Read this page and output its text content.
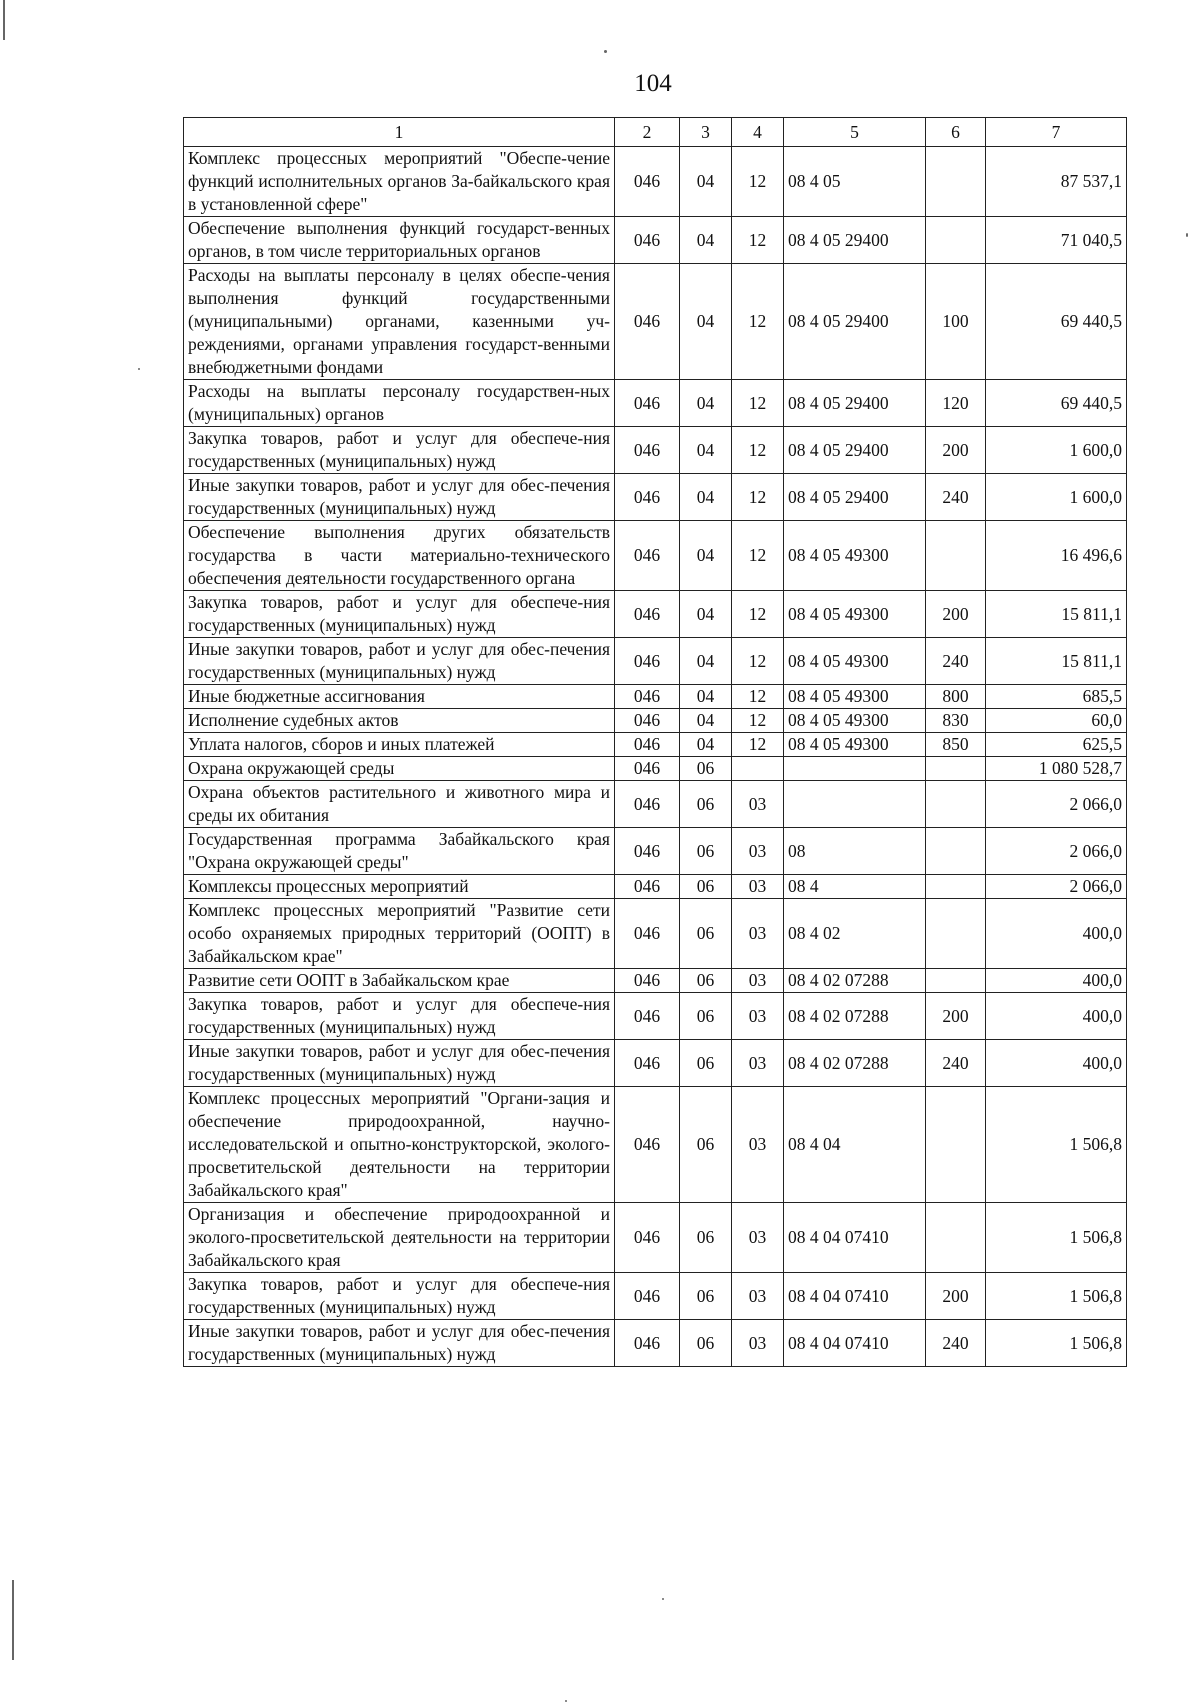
104
1	2	3	4	5	6	7
Комплекс процессных мероприятий "Обеспе-чение функций исполнительных органов За-байкальского края в установленной сфере"	046	04	12	08 4 05		87 537,1
Обеспечение выполнения функций государст-венных органов, в том числе территориальных органов	046	04	12	08 4 05 29400		71 040,5
Расходы на выплаты персоналу в целях обеспе-чения выполнения функций государственными (муниципальными) органами, казенными уч-реждениями, органами управления государст-венными внебюджетными фондами	046	04	12	08 4 05 29400	100	69 440,5
Расходы на выплаты персоналу государствен-ных (муниципальных) органов	046	04	12	08 4 05 29400	120	69 440,5
Закупка товаров, работ и услуг для обеспече-ния государственных (муниципальных) нужд	046	04	12	08 4 05 29400	200	1 600,0
Иные закупки товаров, работ и услуг для обес-печения государственных (муниципальных) нужд	046	04	12	08 4 05 29400	240	1 600,0
Обеспечение выполнения других обязательств государства в части материально-технического обеспечения деятельности государственного органа	046	04	12	08 4 05 49300		16 496,6
Закупка товаров, работ и услуг для обеспече-ния государственных (муниципальных) нужд	046	04	12	08 4 05 49300	200	15 811,1
Иные закупки товаров, работ и услуг для обес-печения государственных (муниципальных) нужд	046	04	12	08 4 05 49300	240	15 811,1
Иные бюджетные ассигнования	046	04	12	08 4 05 49300	800	685,5
Исполнение судебных актов	046	04	12	08 4 05 49300	830	60,0
Уплата налогов, сборов и иных платежей	046	04	12	08 4 05 49300	850	625,5
Охрана окружающей среды	046	06				1 080 528,7
Охрана объектов растительного и животного мира и среды их обитания	046	06	03			2 066,0
Государственная программа Забайкальского края "Охрана окружающей среды"	046	06	03	08		2 066,0
Комплексы процессных мероприятий	046	06	03	08 4		2 066,0
Комплекс процессных мероприятий "Развитие сети особо охраняемых природных территорий (ООПТ) в Забайкальском крае"	046	06	03	08 4 02		400,0
Развитие сети ООПТ в Забайкальском крае	046	06	03	08 4 02 07288		400,0
Закупка товаров, работ и услуг для обеспече-ния государственных (муниципальных) нужд	046	06	03	08 4 02 07288	200	400,0
Иные закупки товаров, работ и услуг для обес-печения государственных (муниципальных) нужд	046	06	03	08 4 02 07288	240	400,0
Комплекс процессных мероприятий "Органи-зация и обеспечение природоохранной, научно-исследовательской и опытно-конструкторской, эколого-просветительской деятельности на территории Забайкальского края"	046	06	03	08 4 04		1 506,8
Организация и обеспечение природоохранной и эколого-просветительской деятельности на территории Забайкальского края	046	06	03	08 4 04 07410		1 506,8
Закупка товаров, работ и услуг для обеспече-ния государственных (муниципальных) нужд	046	06	03	08 4 04 07410	200	1 506,8
Иные закупки товаров, работ и услуг для обес-печения государственных (муниципальных) нужд	046	06	03	08 4 04 07410	240	1 506,8
